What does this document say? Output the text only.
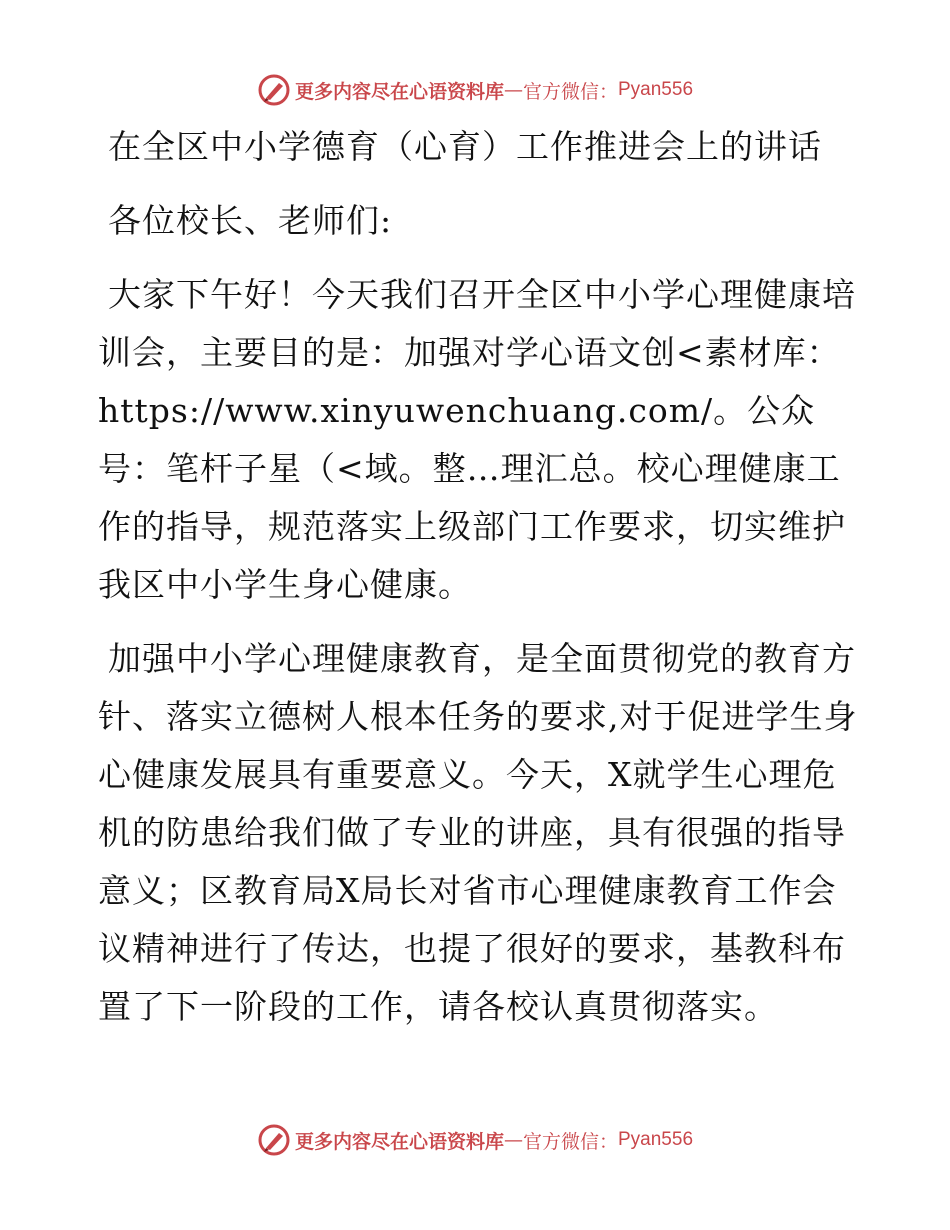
更多内容尽在心语资料库 — 官方微信： Pyan556
在全区中小学德育（心育）工作推进会上的讲话
各位校长、老师们:

大家下午好！今天我们召开全区中小学心理健康培训会，主要目的是：加强对学心语文创<素材库：https://www.xinyuwenchuang.com/。公众号：笔杆子星（<域。整…理汇总。校心理健康工作的指导，规范落实上级部门工作要求，切实维护我区中小学生身心健康。

加强中小学心理健康教育，是全面贯彻党的教育方针、落实立德树人根本任务的要求,对于促进学生身心健康发展具有重要意义。今天，X就学生心理危机的防患给我们做了专业的讲座，具有很强的指导意义；区教育局X局长对省市心理健康教育工作会议精神进行了传达，也提了很好的要求，基教科布置了下一阶段的工作，请各校认真贯彻落实。

更多内容尽在心语资料库 — 官方微信： Pyan556
